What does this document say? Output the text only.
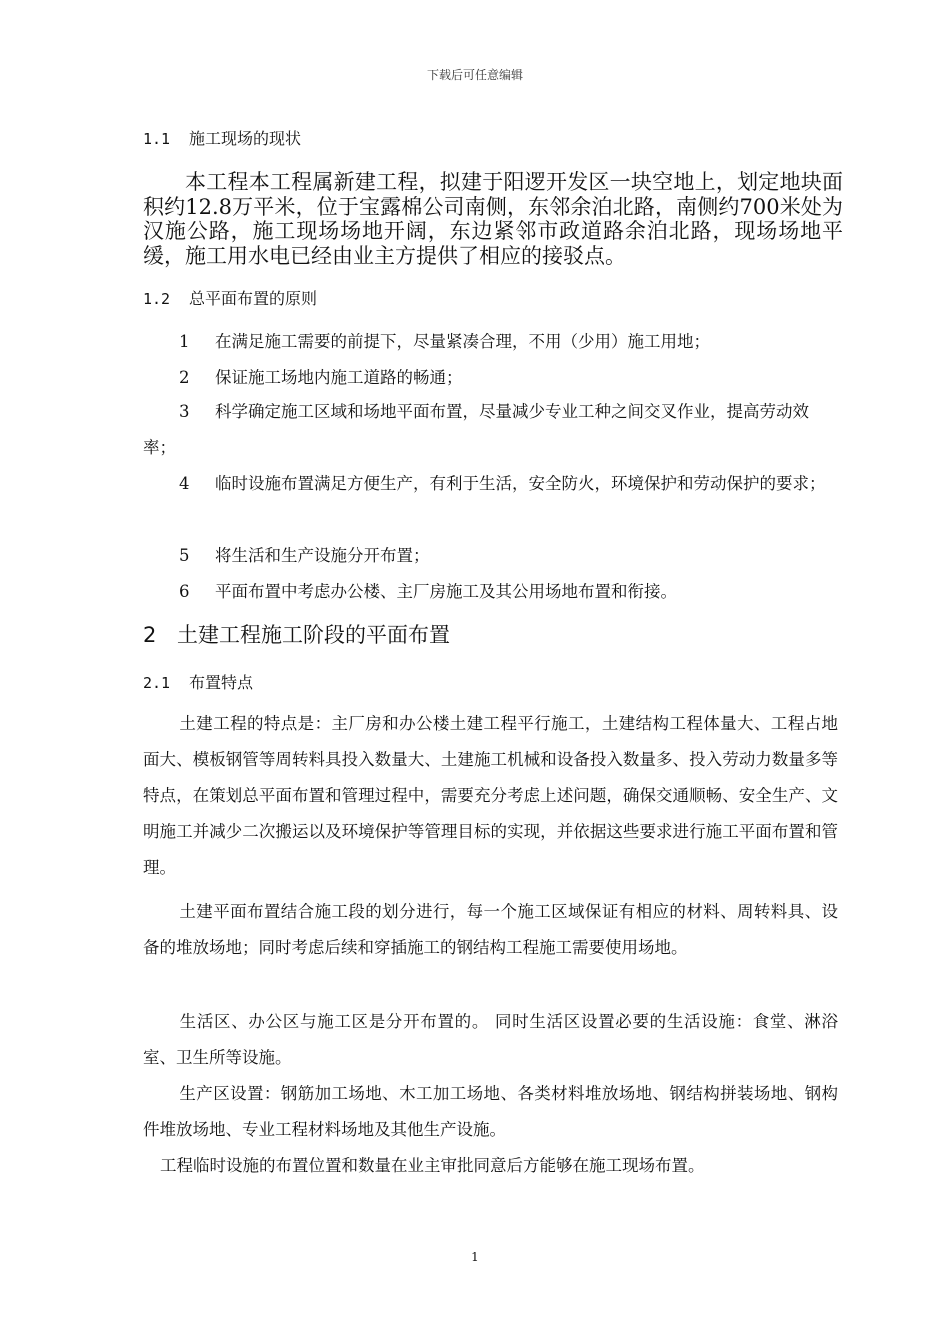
下载后可任意编辑
1.1 施工现场的现状

本工程本工程属新建工程，拟建于阳逻开发区一块空地上，划定地块面积约12.8万平米，位于宝露棉公司南侧，东邻余泊北路，南侧约700米处为汉施公路，施工现场场地开阔，东边紧邻市政道路余泊北路，现场场地平缓，施工用水电已经由业主方提供了相应的接驳点。

1.2 总平面布置的原则
1 在满足施工需要的前提下，尽量紧凑合理，不用（少用）施工用地；
2 保证施工场地内施工道路的畅通；
3 科学确定施工区域和场地平面布置，尽量减少专业工种之间交叉作业，提高劳动效率；
4 临时设施布置满足方便生产，有利于生活，安全防火，环境保护和劳动保护的要求；
5 将生活和生产设施分开布置；
6 平面布置中考虑办公楼、主厂房施工及其公用场地布置和衔接。
2 土建工程施工阶段的平面布置
2.1 布置特点
土建工程的特点是：主厂房和办公楼土建工程平行施工，土建结构工程体量大、工程占地面大、模板钢管等周转料具投入数量大、土建施工机械和设备投入数量多、投入劳动力数量多等特点，在策划总平面布置和管理过程中，需要充分考虑上述问题，确保交通顺畅、安全生产、文明施工并减少二次搬运以及环境保护等管理目标的实现，并依据这些要求进行施工平面布置和管理。
土建平面布置结合施工段的划分进行，每一个施工区域保证有相应的材料、周转料具、设备的堆放场地；同时考虑后续和穿插施工的钢结构工程施工需要使用场地。
生活区、办公区与施工区是分开布置的。 同时生活区设置必要的生活设施：食堂、淋浴室、卫生所等设施。
生产区设置：钢筋加工场地、木工加工场地、各类材料堆放场地、钢结构拼装场地、钢构件堆放场地、专业工程材料场地及其他生产设施。
工程临时设施的布置位置和数量在业主审批同意后方能够在施工现场布置。
1
